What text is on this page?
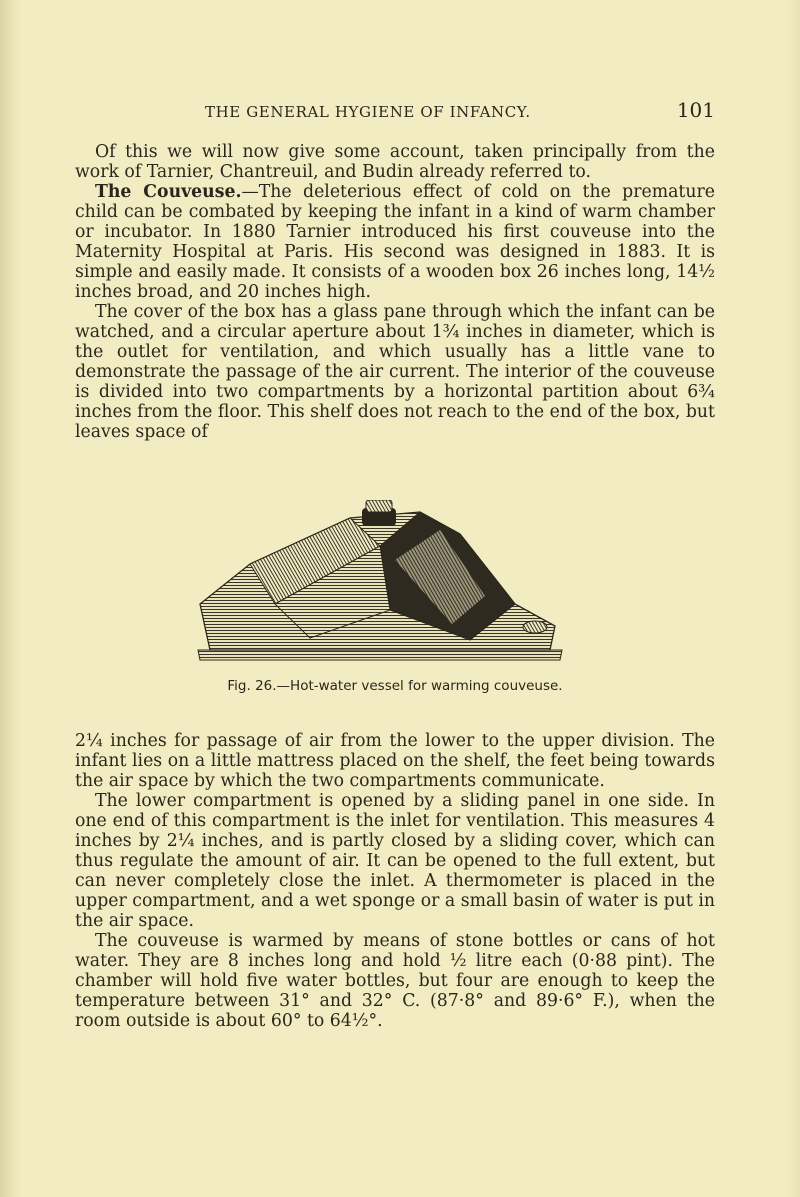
THE GENERAL HYGIENE OF INFANCY.	101

Of this we will now give some account, taken principally from the work of Tarnier, Chantreuil, and Budin already referred to.

The Couveuse.—The deleterious effect of cold on the premature child can be combated by keeping the infant in a kind of warm chamber or incubator. In 1880 Tarnier introduced his first couveuse into the Maternity Hospital at Paris. His second was designed in 1883. It is simple and easily made. It consists of a wooden box 26 inches long, 14½ inches broad, and 20 inches high.

The cover of the box has a glass pane through which the infant can be watched, and a circular aperture about 1¾ inches in diameter, which is the outlet for ventilation, and which usually has a little vane to demonstrate the passage of the air current. The interior of the couveuse is divided into two compartments by a horizontal partition about 6¾ inches from the floor. This shelf does not reach to the end of the box, but leaves space of

Fig. 26.—Hot-water vessel for warming couveuse.

2¼ inches for passage of air from the lower to the upper division. The infant lies on a little mattress placed on the shelf, the feet being towards the air space by which the two compartments communicate.

The lower compartment is opened by a sliding panel in one side. In one end of this compartment is the inlet for ventilation. This measures 4 inches by 2¼ inches, and is partly closed by a sliding cover, which can thus regulate the amount of air. It can be opened to the full extent, but can never completely close the inlet. A thermometer is placed in the upper compartment, and a wet sponge or a small basin of water is put in the air space.

The couveuse is warmed by means of stone bottles or cans of hot water. They are 8 inches long and hold ½ litre each (0·88 pint). The chamber will hold five water bottles, but four are enough to keep the temperature between 31° and 32° C. (87·8° and 89·6° F.), when the room outside is about 60° to 64½°.
